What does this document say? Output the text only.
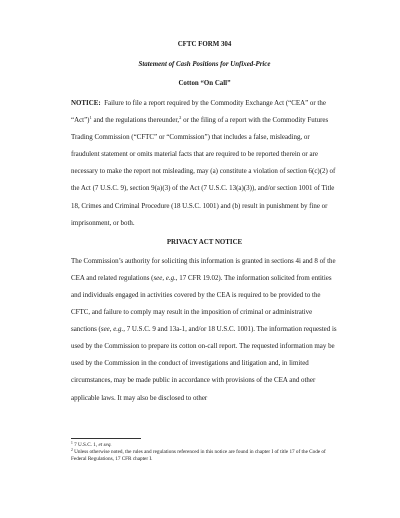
CFTC FORM 304

Statement of Cash Positions for Unfixed-Price

Cotton “On Call”

NOTICE: Failure to file a report required by the Commodity Exchange Act (“CEA” or the “Act”)$^1$ and the regulations thereunder,$^2$ or the filing of a report with the Commodity Futures Trading Commission (“CFTC” or “Commission”) that includes a false, misleading, or fraudulent statement or omits material facts that are required to be reported therein or are necessary to make the report not misleading, may (a) constitute a violation of section 6(c)(2) of the Act (7 U.S.C. 9), section 9(a)(3) of the Act (7 U.S.C. 13(a)(3)), and/or section 1001 of Title 18, Crimes and Criminal Procedure (18 U.S.C. 1001) and (b) result in punishment by fine or imprisonment, or both.

PRIVACY ACT NOTICE

The Commission’s authority for soliciting this information is granted in sections 4i and 8 of the CEA and related regulations (see, e.g., 17 CFR 19.02). The information solicited from entities and individuals engaged in activities covered by the CEA is required to be provided to the CFTC, and failure to comply may result in the imposition of criminal or administrative sanctions (see, e.g., 7 U.S.C. 9 and 13a-1, and/or 18 U.S.C. 1001). The information requested is used by the Commission to prepare its cotton on-call report. The requested information may be used by the Commission in the conduct of investigations and litigation and, in limited circumstances, may be made public in accordance with provisions of the CEA and other applicable laws. It may also be disclosed to other

$^1$ 7 U.S.C. 1, et seq.

$^2$ Unless otherwise noted, the rules and regulations referenced in this notice are found in chapter I of title 17 of the Code of Federal Regulations, 17 CFR chapter I.
